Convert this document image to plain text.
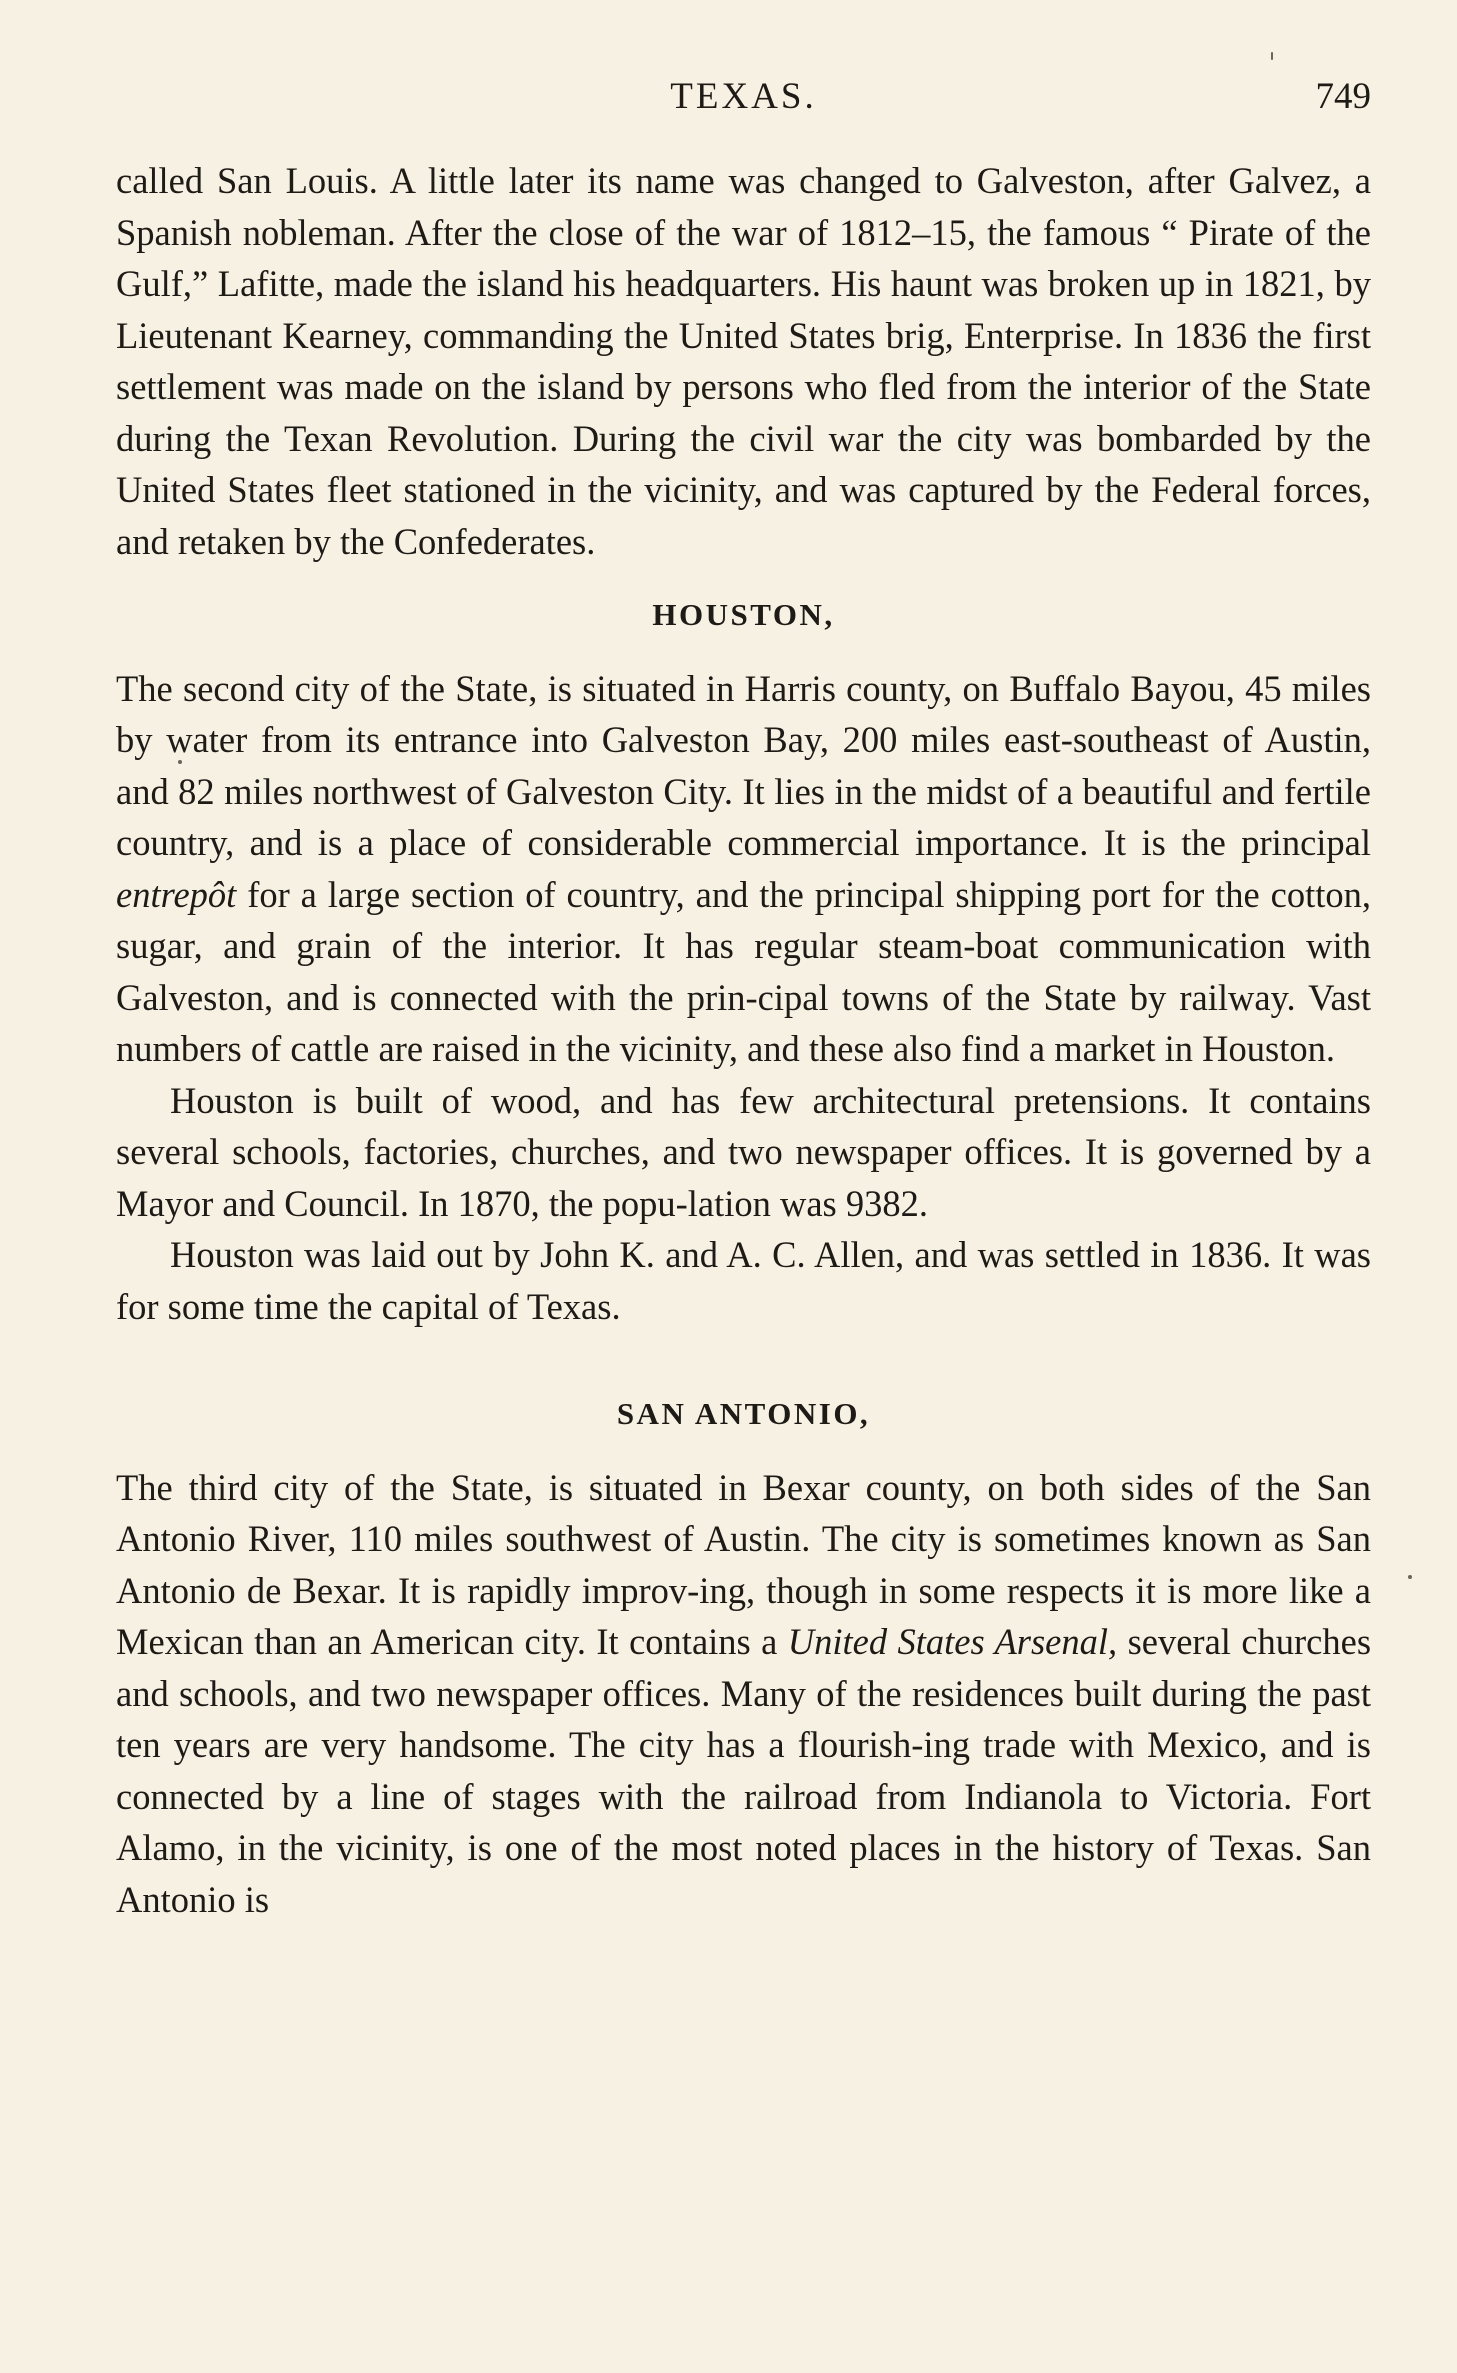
TEXAS.	749

called San Louis. A little later its name was changed to Galveston, after Galvez, a Spanish nobleman. After the close of the war of 1812–15, the famous “ Pirate of the Gulf,” Lafitte, made the island his headquarters. His haunt was broken up in 1821, by Lieutenant Kearney, commanding the United States brig, Enterprise. In 1836 the first settlement was made on the island by persons who fled from the interior of the State during the Texan Revolution. During the civil war the city was bombarded by the United States fleet stationed in the vicinity, and was captured by the Federal forces, and retaken by the Confederates.

HOUSTON,

The second city of the State, is situated in Harris county, on Buffalo Bayou, 45 miles by water from its entrance into Galveston Bay, 200 miles east-southeast of Austin, and 82 miles northwest of Galveston City. It lies in the midst of a beautiful and fertile country, and is a place of considerable commercial importance. It is the principal entrepôt for a large section of country, and the principal shipping port for the cotton, sugar, and grain of the interior. It has regular steam-boat communication with Galveston, and is connected with the prin-cipal towns of the State by railway. Vast numbers of cattle are raised in the vicinity, and these also find a market in Houston.

Houston is built of wood, and has few architectural pretensions. It contains several schools, factories, churches, and two newspaper offices. It is governed by a Mayor and Council. In 1870, the popu-lation was 9382.

Houston was laid out by John K. and A. C. Allen, and was settled in 1836. It was for some time the capital of Texas.

SAN ANTONIO,

The third city of the State, is situated in Bexar county, on both sides of the San Antonio River, 110 miles southwest of Austin. The city is sometimes known as San Antonio de Bexar. It is rapidly improv-ing, though in some respects it is more like a Mexican than an American city. It contains a United States Arsenal, several churches and schools, and two newspaper offices. Many of the residences built during the past ten years are very handsome. The city has a flourish-ing trade with Mexico, and is connected by a line of stages with the railroad from Indianola to Victoria. Fort Alamo, in the vicinity, is one of the most noted places in the history of Texas. San Antonio is
